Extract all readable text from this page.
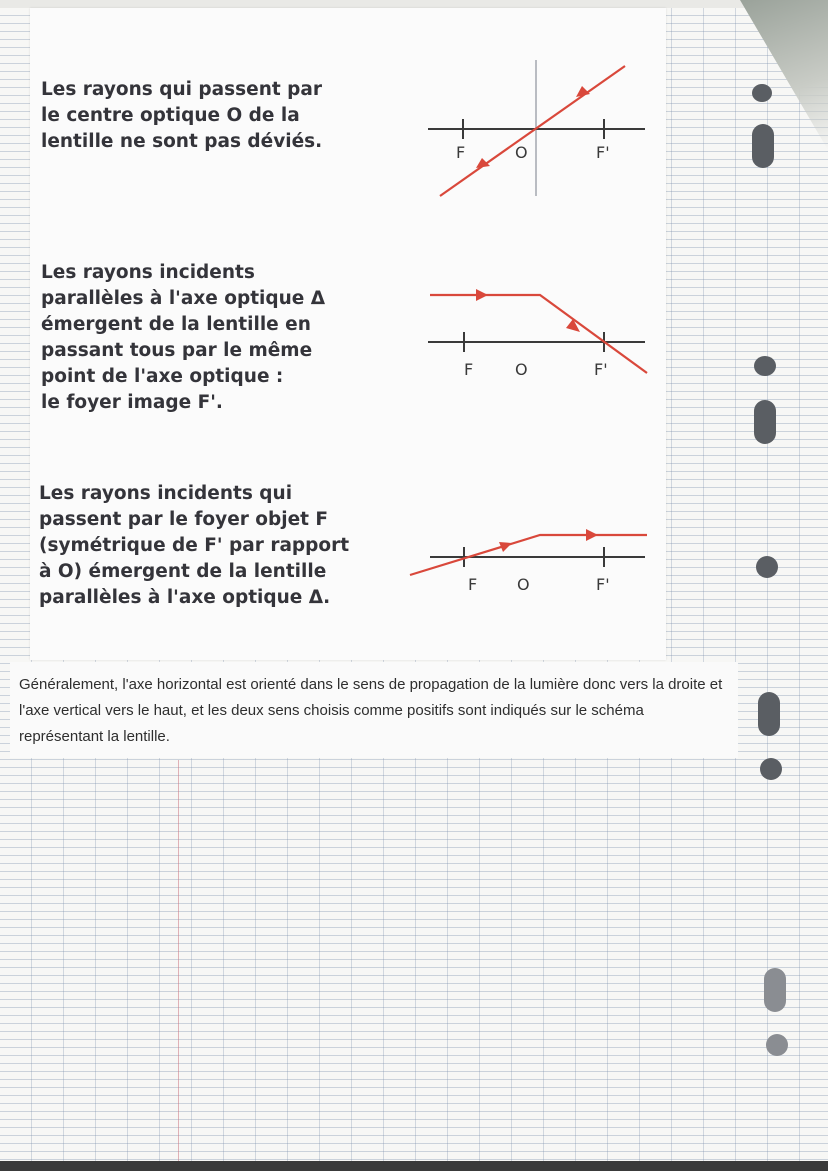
Les rayons qui passent par
le centre optique O de la
lentille ne sont pas déviés.

F	O	F'

Les rayons incidents
parallèles à l'axe optique Δ
émergent de la lentille en
passant tous par le même
point de l'axe optique :
le foyer image F'.

F	O	F'

Les rayons incidents qui
passent par le foyer objet F
(symétrique de F' par rapport
à O) émergent de la lentille
parallèles à l'axe optique Δ.

F O	F'

Généralement, l'axe horizontal est orienté dans le sens de propagation de la lumière donc vers la droite et l'axe vertical vers le haut, et les deux sens choisis comme positifs sont indiqués sur le schéma représentant la lentille.
